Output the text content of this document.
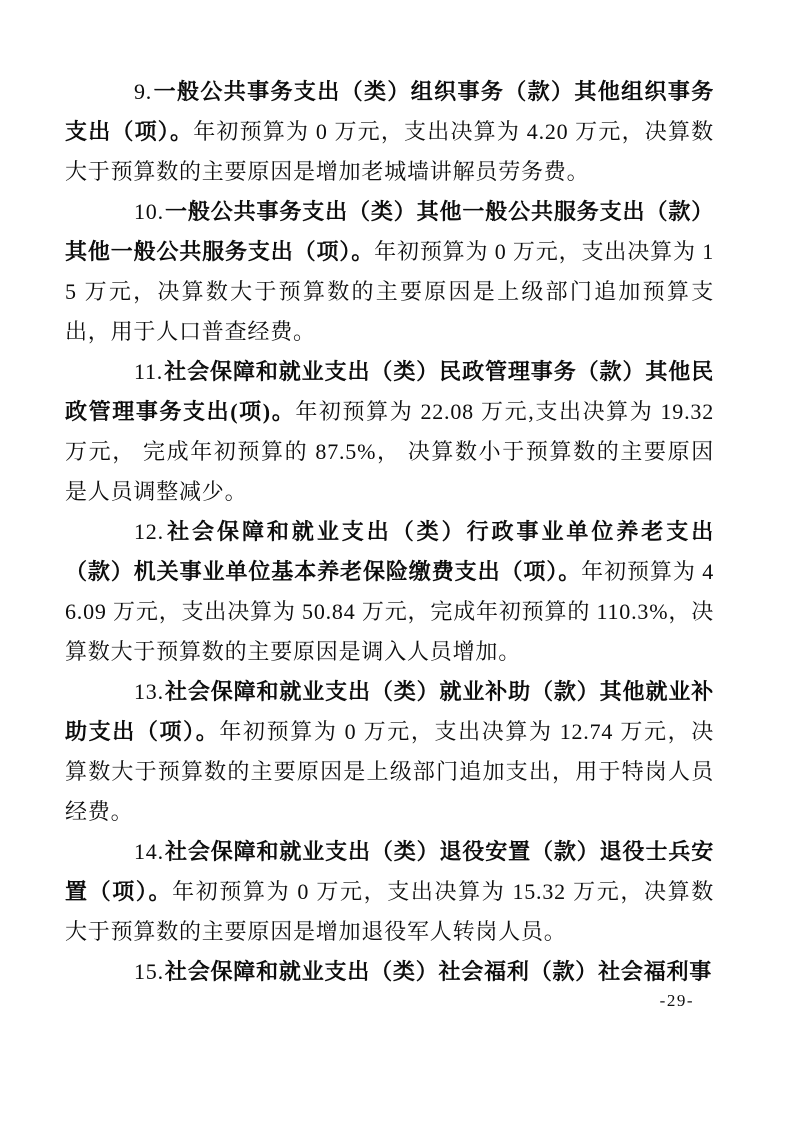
9.一般公共事务支出（类）组织事务（款）其他组织事务支出（项）。年初预算为 0 万元，支出决算为 4.20 万元，决算数大于预算数的主要原因是增加老城墙讲解员劳务费。

10.一般公共事务支出（类）其他一般公共服务支出（款）其他一般公共服务支出（项）。年初预算为 0 万元，支出决算为 15 万元，决算数大于预算数的主要原因是上级部门追加预算支出，用于人口普查经费。

11.社会保障和就业支出（类）民政管理事务（款）其他民政管理事务支出(项)。年初预算为 22.08 万元,支出决算为 19.32 万元， 完成年初预算的 87.5%， 决算数小于预算数的主要原因是人员调整减少。

12.社会保障和就业支出（类）行政事业单位养老支出（款）机关事业单位基本养老保险缴费支出（项）。年初预算为 46.09 万元，支出决算为 50.84 万元，完成年初预算的 110.3%，决算数大于预算数的主要原因是调入人员增加。

13.社会保障和就业支出（类）就业补助（款）其他就业补助支出（项）。年初预算为 0 万元，支出决算为 12.74 万元，决算数大于预算数的主要原因是上级部门追加支出，用于特岗人员经费。

14.社会保障和就业支出（类）退役安置（款）退役士兵安置（项）。年初预算为 0 万元，支出决算为 15.32 万元，决算数大于预算数的主要原因是增加退役军人转岗人员。

15.社会保障和就业支出（类）社会福利（款）社会福利事

-29-
